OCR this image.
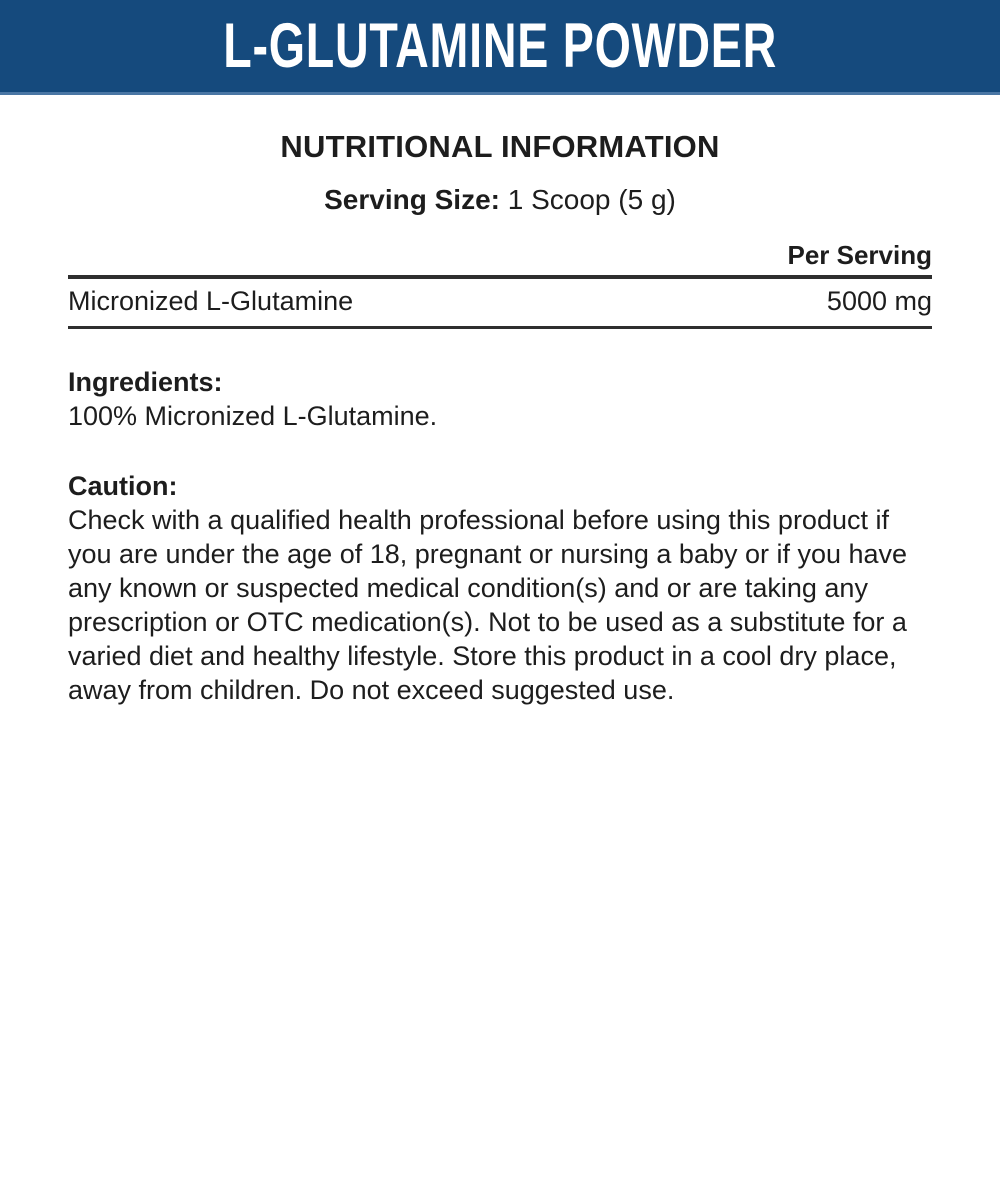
L-GLUTAMINE POWDER
NUTRITIONAL INFORMATION

Serving Size: 1 Scoop (5 g)

Per Serving
Micronized L-Glutamine	5000 mg

Ingredients:

100% Micronized L-Glutamine.

Caution:

Check with a qualified health professional before using this product if you are under the age of 18, pregnant or nursing a baby or if you have any known or suspected medical condition(s) and or are taking any prescription or OTC medication(s). Not to be used as a substitute for a varied diet and healthy lifestyle. Store this product in a cool dry place, away from children. Do not exceed suggested use.
